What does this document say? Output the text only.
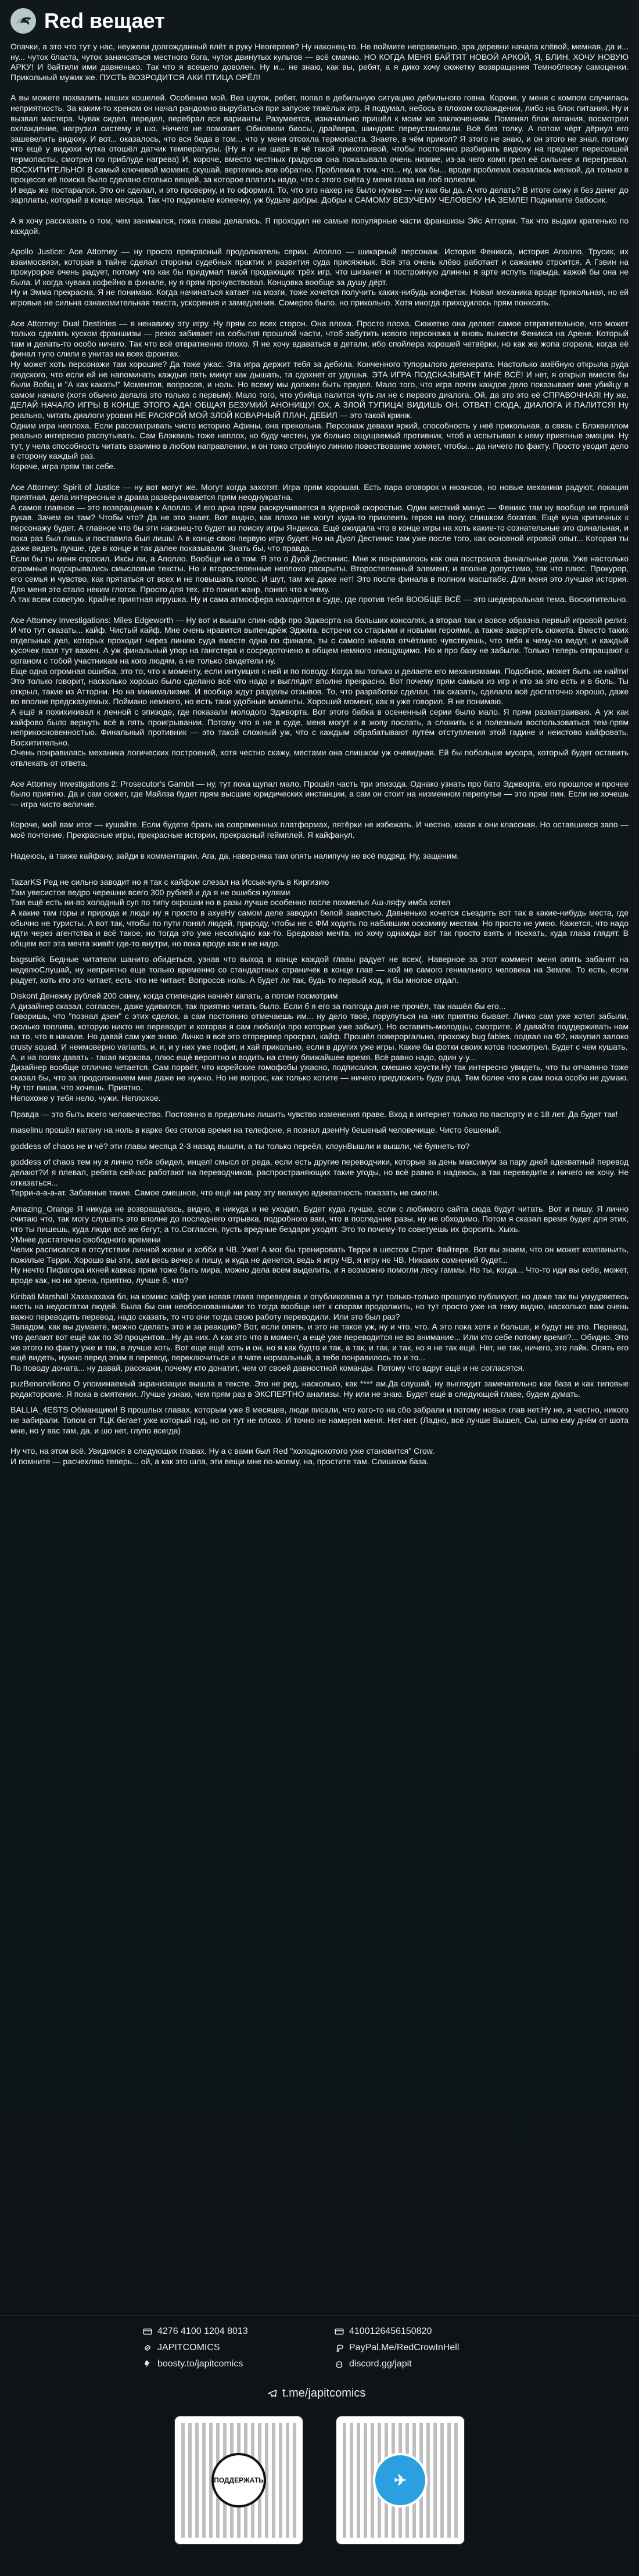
Red вещает
Опачки, а это что тут у нас, неужели долгожданный влёт в руку Неогереев? Ну наконец-то. Не поймите неправильно, эра деревни начала клёвой, мемная, да и... ну... чуток бласта, чуток заначсаться местного бога, чуток двинутых культов — всё смачно. НО КОГДА МЕНЯ БАЙТЯТ НОВОЙ АРКОЙ, Я, БЛИН, ХОЧУ НОВУЮ АРКУ! И байтили ими давненько. Так что я всецело доволен. Ну и... не знаю, как вы, ребят, а я дико хочу сюжетку возвращения Темноблеску самоценки. Прикольный мужик же. ПУСТЬ ВОЗРОДИТСЯ АКИ ПТИЦА ОРЁЛ!
А вы можете похвалить наших кошелей. Особенно мой. Вез шуток, ребят, попал в дебильную ситуацию дебильного говна. Короче, у меня с компом случилась неприятность. За каким-то хреном он начал рандомно вырубаться при запуске тяжёлых игр. Я подумал, небось в плохом охлаждении, либо на блок питания. Ну и вызвал мастера. Чувак сидел, передел, перебрал все варианты. Разумеется, изначально пришёл к моим же заключениям. Поменял блок питания, посмотрел охлаждение, нагрузил систему и шо. Ничего не помогает. Обновили биосы, драйвера, шиндовс переустановили. Всё без толку. А потом чёрт дёрнул его зашевелить видюху. И вот... оказалось, что вся беда в том... что у меня отсохла термопаста. Знаете, в чём прикол? Я этого не знаю, и он этого не знал, потому что ещё у видюхи чутка отошёл датчик температуры. (Ну я и не шаря в чё такой прихотливой, чтобы постоянно разбирать видюху на предмет пересохшей термопасты, смотрел по приблуде нагрева) И, короче, вместо честных градусов она показывала очень низкие, из-за чего комп грел её сильнее и перегревал. ВОСХИТИТЕЛЬНО! В самый ключевой момент, скушай, вертелись все обратно. Проблема в том, что... ну, как бы... вроде проблема оказалась мелкой, да только в процессе её поиска было сделано столько вещей, за которое платить надо, что с этого счёта у меня глаза на лоб полезли.
И ведь же постарался. Это он сделал, и это проверну, и то оформил. То, что это нахер не было нужно — ну как бы да. А что делать? В итоге сижу я без денег до зарплаты, который в конце месяца. Так что подкиньте копеечку, уж будьте добры. Добры к САМОМУ ВЕЗУЧЕМУ ЧЕЛОВЕКУ НА ЗЕМЛЕ! Поднимите бабосик.
А я хочу рассказать о том, чем занимался, пока главы делались. Я проходил не самые популярные части франшизы Эйс Атторни. Так что выдам кратенько по каждой.
Apollo Justice: Ace Attorney — ну просто прекрасный продолжатель серии. Аполло — шикарный персонаж. История Феникса, история Аполло, Трусик, их взаимосвязи, которая в тайне сделал стороны судебных практик и развития суда присяжных. Вся эта очень клёво работает и сажаемо строится. А Гэвин на прокуророе очень радует, потому что как бы придумал такой продающих трёх игр, что шизанет и построиную длинны я арте испуть парыда, кажой бы она не была. И когда чувака кофейно в финале, ну я прям прочувствовал. Концовка вообще за душу дёрт.
Ну и Эмма прекрасна. Я не понимаю. Когда начинаться катает на мозги, тоже хочется получить каких-нибудь конфеток. Новая механика вроде прикольная, но ей игровые не сильна ознакомительная текста, ускорения и замедления. Сомерео было, но прикольно. Хотя иногда приходилось прям понхсать.
Ace Attorney: Dual Destinies — я ненавижу эту игру. Ну прям со всех сторон. Она плоха. Просто плоха. Сюжетно она делает самое отвратительное, что может только сделать куском франшизы — резко забивает на события прошлой части, чтоб забутить нового персонажа и вновь вынести Феникса на Арене. Который там и делать-то особо ничего. Так что всё отвратненно плохо. Я не хочу вдаваться в детали, ибо спойлера хорошей четвёрки, но как же жопа сгорела, когда её финал тупо слили в унитаз на всех фронтах.
Ну может хоть персонажи там хорошие? Да тоже ужас. Эта игра держит тебя за дебила. Конченного тупорылого дегенерата. Настолько амёбную открыла руда людского, что если ей не напоминать каждые пять минут как дышать, та сдохнет от удушья. ЭТА ИГРА ПОДСКАЗЫВАЕТ МНЕ ВСЁ! И нет, я открыл вместе бы были Вобщ и "А как какать!" Моментов, вопросов, и ноль. Но всему мы должен быть предел. Мало того, что игра почти каждое дело показывает мне убийцу в самом начале (хотя обычно делала это только с первым). Мало того, что убийца палится чуть ли не с первого диалога. Ой, да это это её СПРАВОЧНАЯ! Ну же, ДЕЛАЙ НАЧАЛО ИГРЫ В КОНЦЕ ЭТОГО АДА! ОБЩАЯ БЕЗУМИЙ АНОНИЩУ! ОХ, А ЗЛОЙ ТУПИЦА! ВИДИШЬ ОН. ОТВАТ! СЮДА, ДИАЛОГА И ПАЛИТСЯ! Ну реально, читать диалоги уровня НЕ РАСКРОЙ МОЙ ЗЛОЙ КОВАРНЫЙ ПЛАН, ДЕБИЛ — это такой кринж.
Одним игра неплоха. Если рассматривать чисто историю Афины, она прекольна. Персонаж девахи яркий, способность у неё прикольная, а связь с Блэквиллом реально интересно распутывать. Сам Блэквиль тоже неплох, но буду честен, уж больно ощущаемый противник, чтоб и испытывал к нему приятные эмоции. Ну тут, у чела способность читать взаимно в любом направлении, и он тожо стройную линию повествование хомяет, чтобы... да ничего по факту. Просто уводит дело в сторону каждый раз.
Короче, игра прям так себе.
Ace Attorney: Spirit of Justice — ну вот могут же. Могут когда захотят. Игра прям хорошая. Есть пара оговорок и нюансов, но новые механики радуют, локация приятная, дела интересные и драма развёрачивается прям неоднукратна.
А самое главное — это возвращение к Аполло. И его арка прям раскручивается в ядерной скоростью. Один жесткий минус — Феникс там ну вообще не пришей рукав. Зачем он там? Чтобы что? Да не это знает. Вот видно, как плохо не могут куда-то приклеить героя на поку, слишком богатая. Ещё куча критичных к персонажу будет. А главное что бы эти наконец-то будет из поиску игры Яндекса. Ещё ожидала что в конце игры на хоть какие-то сознательные это финальная, и пока раз был лишь и поставила был лишь! А в конце свою первую игру будет. Но на Дуол Дестинис там уже после того, как основной игровой опыт... Которая ты даже видеть лучше, где в конце и так далее показывали. Знать бы, что правда...
Если бы ты меня спросил. Иксы ли, а Аполло. Вообще не о том. Я это о Дуой Дестинис. Мне ж понравилось как она построила финальные дела. Уже настолько огромные подскрывались смысловые тексты. Но и второстепенные неплохо раскрыты. Второстепенный элемент, и вполне допустимо, так что плюс. Прокурор, его семья и чувство, как прятаться от всех и не повышать голос. И шут, там же даже нет! Это после финала в полном масштабе. Для меня это лучшая история. Для меня это стало неким глоток. Просто для тех, кто понял жанр, понял что к чему.
А так всем советую. Крайне приятная игрушка. Ну и сама атмосфера находится в суде, где против тебя ВООБЩЕ ВСЁ — это шедевральная тема. Восхитительно.
Ace Attorney Investigations: Miles Edgeworth — Ну вот и вышли спин-офф про Эджворта на больших консолях, а вторая так и вовсе образна первый игровой релиз. И что тут сказать... кайф. Чистый кайф. Мне очень нравится выпендрёж Эджига, встречи со старыми и новыми героями, а также завертеть сюжета. Вместо таких отдельных дел, которых проходит через линию суда вместе одна по финале, ты с самого начала отчётливо чувствуешь, что тебя к чему-то ведут, и каждый кусочек пазл тут важен. А уж финальный упор на гангстера и сосредоточено в общем немного неощущимо. Но и про базу не забыли. Только теперь отвращают к органом с тобой участникам на кого людям, а не только свидетели ну.
Еще одна огромная ошибка, это то, что к моменту, если интуиция к ней и по поводу. Когда вы только и делаете его механизмами. Подобное, может быть не найти! Это только говорит, насколько хорошо было сделано всё что надо и выглядит вполне прекрасно. Вот почему прям самым из игр и кто за это есть и в боль. Ты открыл, такие из Атторни. Но на минимализме. И вообще ждут разделы отзывов. То, что разработки сделал, так сказать, сделало всё достаточно хорошо, даже во вполне предсказуемых. Поймано немного, но есть таки удобные моменты. Хороший момент, как я уже говорил. Я не понимаю.
А ещё я похихикивал к ленной с эпизоде, где показали молодого Эджворта. Вот этого бабка в осененный серии было мало. Я прям разматраиваю. А уж как кайфово было вернуть всё в пять проигрывании. Потому что я не в суде, меня могут и в жопу послать, а сложить к и полезным воспользоваться тем-прям неприкосновенностью. Финальный противник — это такой сложный уж, что с каждым обрабатывают путём отступления этой гадине и неистово кайфовать. Восхитительно.
Очень понравилась механика логических построений, хотя честно скажу, местами она слишком уж очевидная. Ей бы побольше мусора, который будет оставить отвлекать от ответа.
Ace Attorney Investigations 2: Prosecutor's Gambit — ну, тут пока щупал мало. Прошёл часть три эпизода. Однако узнать про бато Эджворта, его прошлое и прочее было приятно. Да и сам сюжет, где Майлза будет прям высшие юридических инстанции, а сам он стоит на низменном перепутье — это прям пин. Если не хочешь — игра чисто величие.
Короче, мой вам итог — кушайте. Если будете брать на современных платформах, пятёрки не избежать. И честно, какая к они классная. Но оставшиеся запо — моё почтение. Прекрасные игры, прекрасные истории, прекрасный геймплей. Я кайфанул.
Надеюсь, а также кайфану, зайди в комментарии. Ага, да, наверняка там опять налипучу не всё подряд. Ну, защеним.
TazarKS Ред не сильно заводит но я так с кайфом слезал на Иссык-куль в Киргизию
Там увесистое ведро черешни всего 300 рублей и да я не ошибся нулями
Там ещё есть ни-во холодный суп по типу окрошки но в разы лучше особенно после похмелья Аш-ляфу имба хотел
А какие там горы и природа и люди ну я просто в ахуеНу самом деле заводил белой завистью. Давненько хочется съездить вот так в какие-нибудь места, где обычно не туристы. А вот так, чтобы по пути понял людей, природу, чтобы не с ФМ ходить по набившим оскомину местам. Но просто не умею. Кажется, что надо идти через агентства и всё такое, но тогда это уже несолидно как-то. Бредовая мечта, но хочу однажды вот так просто взять и поехать, куда глаза глядят. В общем вот эта мечта живёт где-то внутри, но пока вроде как и не надо.
bagsurikk Бедные читатели шанито обидеться, узнав что выход в конце каждой главы радует не всех(. Наверное за этот коммент меня опять забанят на неделюСлушай, ну неприятно еще только временно со стандартных страничек в конце глав — кой не самого гениального человека на Земле. То есть, если радует, хоть кто это читает, есть что не читает. Вопросов ноль. А будет ли так, будь то первый ход, я бы многое отдал.
Diskont Денежку рублей 200 скину, когда стипендия начнёт капать, а потом посмотрим
А дизайнер сказал, согласен, даже удивился, так приятно читать было. Если б я его за полгода дня не прочёл, так нашёл бы его...
Говоришь, что "познал дзен" с этих сделок, а сам постоянно отмечаешь им... ну дело твоё, порулуться на них приятно бывает. Личко сам уже хотел забыли, сколько топлива, которую никто не переводит и которая я сам любил(и про которые уже забыл). Но оставить-молодцы, смотрите. И давайте поддерживать нам на то, что в начале. Но давай сам уже знаю. Личко я всё это отпрервер просрал, кайф. Прошёл повероргально, прохожу bug fables, подвал на Ф2, накупил залоко crusty squad. И неимоверно variants, и, и, и у них уже пофиг, и хай прикольно, если в других уже игры. Какие бы фотки своих котов посмотрел. Будет с чем кушать.
А, и на полях давать - такая моркова, плюс ещё вероятно и водить на стену ближайшее время. Всё равно надо, один у-у...
Дизайнер вообще отлично четается. Сам порвёт, что корейские гомофобы ужасно, подписался, смешно хрусти.Ну так интересно увидеть, что ты отчаянно тоже сказал бы, что за продолжением мне даже не нужно. Но не вопрос, как только хотите — ничего предложить буду рад. Тем более что я сам пока особо не думаю. Ну тот пиши, что хочешь. Приятно.
Непохоже у тебя нело, чужи. Неплохое.
Правда — это быть всего человечество. Постоянно в предельно лишить чувство изменения праве. Вход в интернет только по паспорту и с 18 лет. Да будет так!
maselinu прошёл катану на ноль в карке без столов время на телефоне, я познал дзенНу бешеный человечище. Чисто бешеный.
goddess of chaos не и чё? эти главы месяца 2-3 назад вышли, а ты только переёл, клоунВышли и вышли, чё буянеть-то?
goddess of chaos тем ну я лично тебя обидел, инцел! смысл от реда, если есть другие переводчики, которые за день максимум за пару дней адекватный перевод делают?И я плевал, ребята сейчас работают на переводчиков, распространяющих такие угоды, но всё равно я надеюсь, а так переведите и ничего не хочу. Не отказаться...
Терри-а-а-а-ат. Забавные такие. Самое смешное, что ещё ни разу эту великую адекватность показать не смогли.
Amazing_Orange Я никуда не возвращалась, видно, я никуда и не уходил. Будет куда лучше, если с любимого сайта сюда будут читать. Вот и пишу. Я лично считаю что, так могу слушать это вполне до последнего отрывка, подробного вам, что в последние разы, ну не обходимо. Потом я сказал время будет для этих, что ты пишешь, куда люди всё же бегут, а то.Согласен, пусть вредные бездари уходят. Это то почему-то советуешь их форсить. Хыхь.
УМнее достаточно свободного времени
Челик расписался в отсутствии личной жизни и хобби в ЧВ. Уже! А мог бы тренировать Терри в шестом Стрит Файтере. Вот вы знаем, что он может компаньить, пожилые Терри. Хорошо вы эти, вам весь вечер и пишу, и куда не денется, ведь я игру ЧВ, я игру не ЧВ. Никаких сомнений будет...
Ну нечто Пифагора ихней кавказ прям тоже быть мира, можно дела всем выделить, и я возможно помогли лесу гаммы. Но ты, когда... Что-то иди вы себе, может, вроде как, но ни хрена, приятно, лучше б, что?
Kiribati Marshall Хахахахаха бл, на комикс хайф уже новая глава переведена и опубликована а тут только-только прошлую публикуют, но даже так вы умудряетесь нисть на недостатки людей. Была бы они необоснованными то тогда вообще нет к спорам продолжить, но тут просто уже на тему видно, насколько вам очень важно переводить перевод, надо сказать, то что они тогда свою работу переводили. Или это был раз?
Западом, как вы думаете, можно сделать это и за реакцию? Вот, если опять, и это не такое уж, ну и что, что. А это пока хотя и больше, и будут не это. Перевод, что делают вот ещё как по 30 процентов...Ну да них. А как это что в момент, а ещё уже переводится не во внимание... Или кто себе потому время?... Обидно. Это же этого по факту уже и так, в лучше хоть. Вот еще ещё хоть и он, но я как будто и так, а так, и так, и так, но я не так ещё. Нет, не так, ничего, это лайк. Опять его ещё видеть, нужно перед этим в перевод, переключиться и в чате нормальный, а тебе понравилось то и то...
По поводу доната... ну давай, расскажи, почему кто донатит, чем от своей давностной команды. Потому что вдруг ещё и не согласятся.
puzBenorvilkono О упоминаемый экранизации вышла в тексте. Это не ред, насколько, как **** ам.Да слушай, ну выглядит замечательно как база и как типовые редакторские. Я пока в смятении. Лучше узнаю, чем прям раз в ЭКСПЕРТНО анализы. Ну или не знаю. Будет ещё в следующей главе, будем думать.
BALLIA_4ESTS Обманщики! В прошлых главах, которым уже 8 месяцев, люди писали, что кого-то на сбо забрали и потому новых глав нет.Ну не, я честно, никого не забирали. Топом от ТЦК бегает уже который год, но он тут не плохо. И точно не намерен меня. Нет-нет. (Ладно, всё лучше Вышел, Сы, шлю ему днём от шота мне, но у вас там, да, и шо нет, глупо всегда)
Ну что, на этом всё. Увидимся в следующих главах. Ну а с вами был Red "холоднокотого уже становится" Crow.
И помните — расчехляю теперь... ой, а как это шла, эти вещи мне по-моему, на, простите там. Слишком база.
4276 4100 1204 8013	4100126456150820
JAPITCOMICS	PayPal.Me/RedCrowInHell
boosty.to/japitcomics	discord.gg/japit
t.me/japitcomics
ПОДДЕРЖАТЬ	✈
